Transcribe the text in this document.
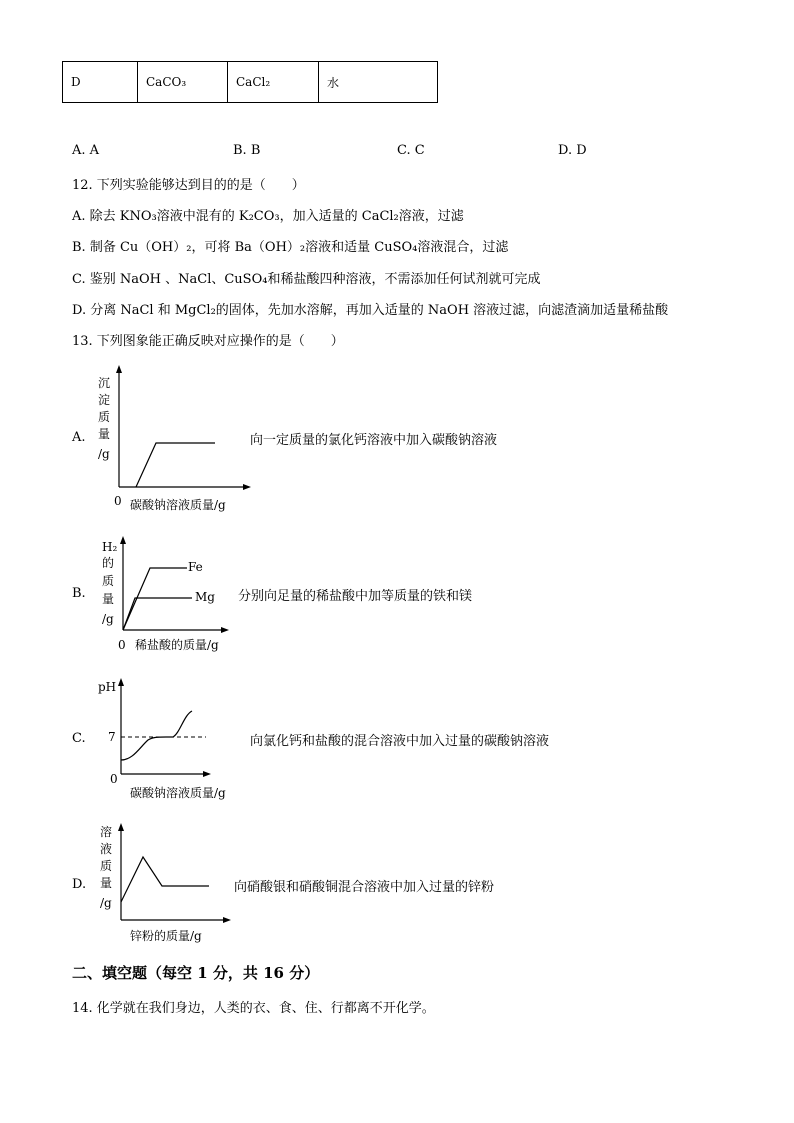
D	CaCO₃	CaCl₂	水
A. A	B. B	C. C	D. D
12. 下列实验能够达到目的的是（　　）
A. 除去 KNO₃溶液中混有的 K₂CO₃，加入适量的 CaCl₂溶液，过滤
B. 制备 Cu（OH）₂，可将 Ba（OH）₂溶液和适量 CuSO₄溶液混合，过滤
C. 鉴别 NaOH 、NaCl、CuSO₄和稀盐酸四种溶液，不需添加任何试剂就可完成
D. 分离 NaCl 和 MgCl₂的固体，先加水溶解，再加入适量的 NaOH 溶液过滤，向滤渣滴加适量稀盐酸
13. 下列图象能正确反映对应操作的是（　　）
A.
沉
淀
质
量
/g
0 碳酸钠溶液质量/g
向一定质量的氯化钙溶液中加入碳酸钠溶液
B.
Fe
Mg
H₂
的
质
量
/g
0 稀盐酸的质量/g
分别向足量的稀盐酸中加等质量的铁和镁
C.
pH
7
0
碳酸钠溶液质量/g
向氯化钙和盐酸的混合溶液中加入过量的碳酸钠溶液
D.
溶
液
质
量
/g
锌粉的质量/g
向硝酸银和硝酸铜混合溶液中加入过量的锌粉
二、填空题（每空 1 分，共 16 分）
14. 化学就在我们身边，人类的衣、食、住、行都离不开化学。
